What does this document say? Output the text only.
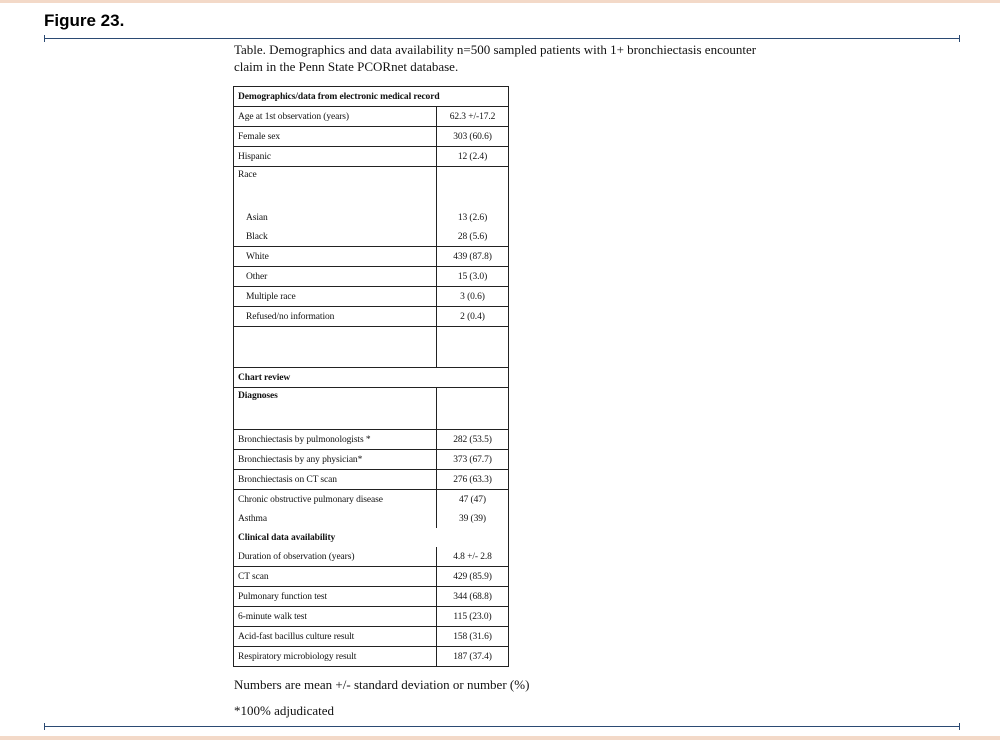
Figure 23.
Table. Demographics and data availability n=500 sampled patients with 1+ bronchiectasis encounter
claim in the Penn State PCORnet database.
Demographics/data from electronic medical record	
Age at 1st observation (years)	62.3 +/-17.2
Female sex	303 (60.6)
Hispanic	12 (2.4)
Race	
Asian	13 (2.6)
Black	28 (5.6)
White	439 (87.8)
Other	15 (3.0)
Multiple race	3 (0.6)
Refused/no information	2 (0.4)

Chart review	
Diagnoses	
Bronchiectasis by pulmonologists *	282 (53.5)
Bronchiectasis by any physician*	373 (67.7)
Bronchiectasis on CT scan	276 (63.3)
Chronic obstructive pulmonary disease	47 (47)
Asthma	39 (39)
Clinical data availability	
Duration of observation (years)	4.8 +/- 2.8
CT scan	429 (85.9)
Pulmonary function test	344 (68.8)
6-minute walk test	115 (23.0)
Acid-fast bacillus culture result	158 (31.6)
Respiratory microbiology result	187 (37.4)
Numbers are mean +/- standard deviation or number (%)
*100% adjudicated
